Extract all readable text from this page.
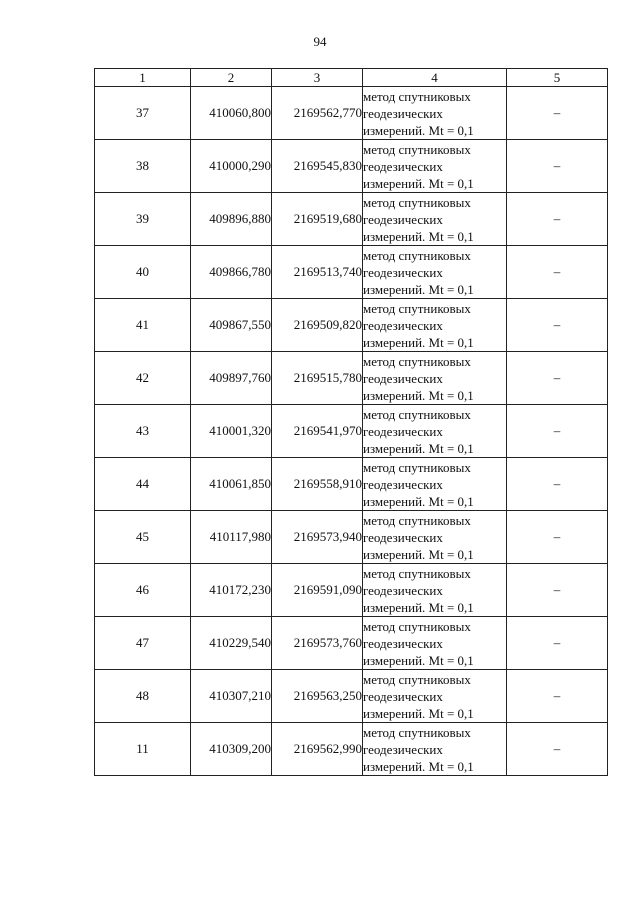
94
1	2	3	4	5
37	410060,800	2169562,770	метод спутниковых геодезических измерений. Mt = 0,1	–
38	410000,290	2169545,830	метод спутниковых геодезических измерений. Mt = 0,1	–
39	409896,880	2169519,680	метод спутниковых геодезических измерений. Mt = 0,1	–
40	409866,780	2169513,740	метод спутниковых геодезических измерений. Mt = 0,1	–
41	409867,550	2169509,820	метод спутниковых геодезических измерений. Mt = 0,1	–
42	409897,760	2169515,780	метод спутниковых геодезических измерений. Mt = 0,1	–
43	410001,320	2169541,970	метод спутниковых геодезических измерений. Mt = 0,1	–
44	410061,850	2169558,910	метод спутниковых геодезических измерений. Mt = 0,1	–
45	410117,980	2169573,940	метод спутниковых геодезических измерений. Mt = 0,1	–
46	410172,230	2169591,090	метод спутниковых геодезических измерений. Mt = 0,1	–
47	410229,540	2169573,760	метод спутниковых геодезических измерений. Mt = 0,1	–
48	410307,210	2169563,250	метод спутниковых геодезических измерений. Mt = 0,1	–
11	410309,200	2169562,990	метод спутниковых геодезических измерений. Mt = 0,1	–
